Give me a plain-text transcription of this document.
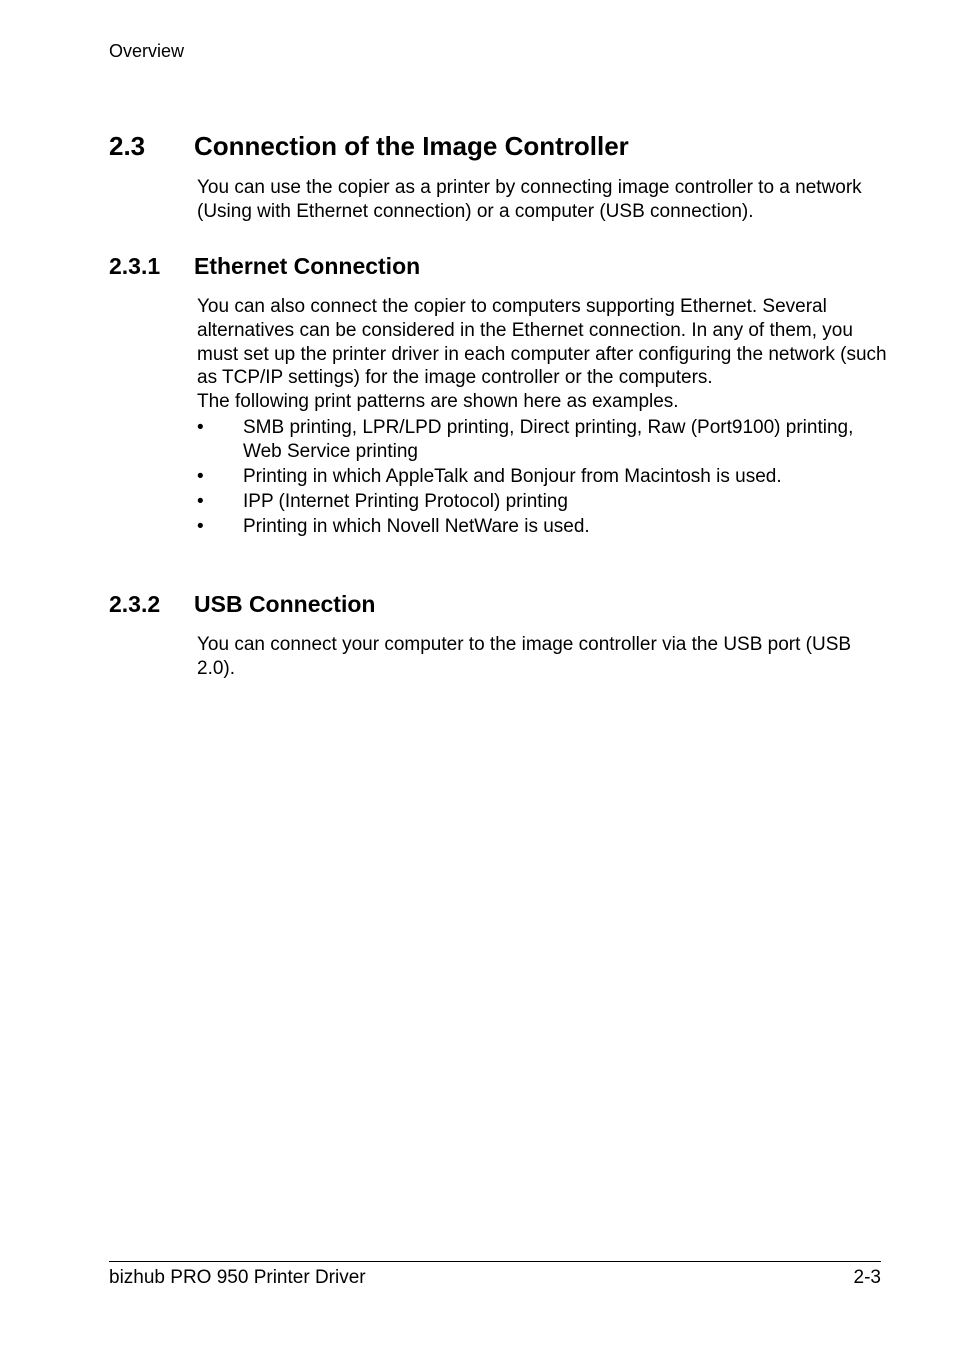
Overview
2.3 Connection of the Image Controller

You can use the copier as a printer by connecting image controller to a network (Using with Ethernet connection) or a computer (USB connection).

2.3.1 Ethernet Connection

You can also connect the copier to computers supporting Ethernet. Several alternatives can be considered in the Ethernet connection. In any of them, you must set up the printer driver in each computer after configuring the network (such as TCP/IP settings) for the image controller or the computers.

The following print patterns are shown here as examples.

•	SMB printing, LPR/LPD printing, Direct printing, Raw (Port9100) printing, Web Service printing
•	Printing in which AppleTalk and Bonjour from Macintosh is used.
•	IPP (Internet Printing Protocol) printing
•	Printing in which Novell NetWare is used.
2.3.2 USB Connection

You can connect your computer to the image controller via the USB port (USB 2.0).

bizhub PRO 950 Printer Driver	2-3
